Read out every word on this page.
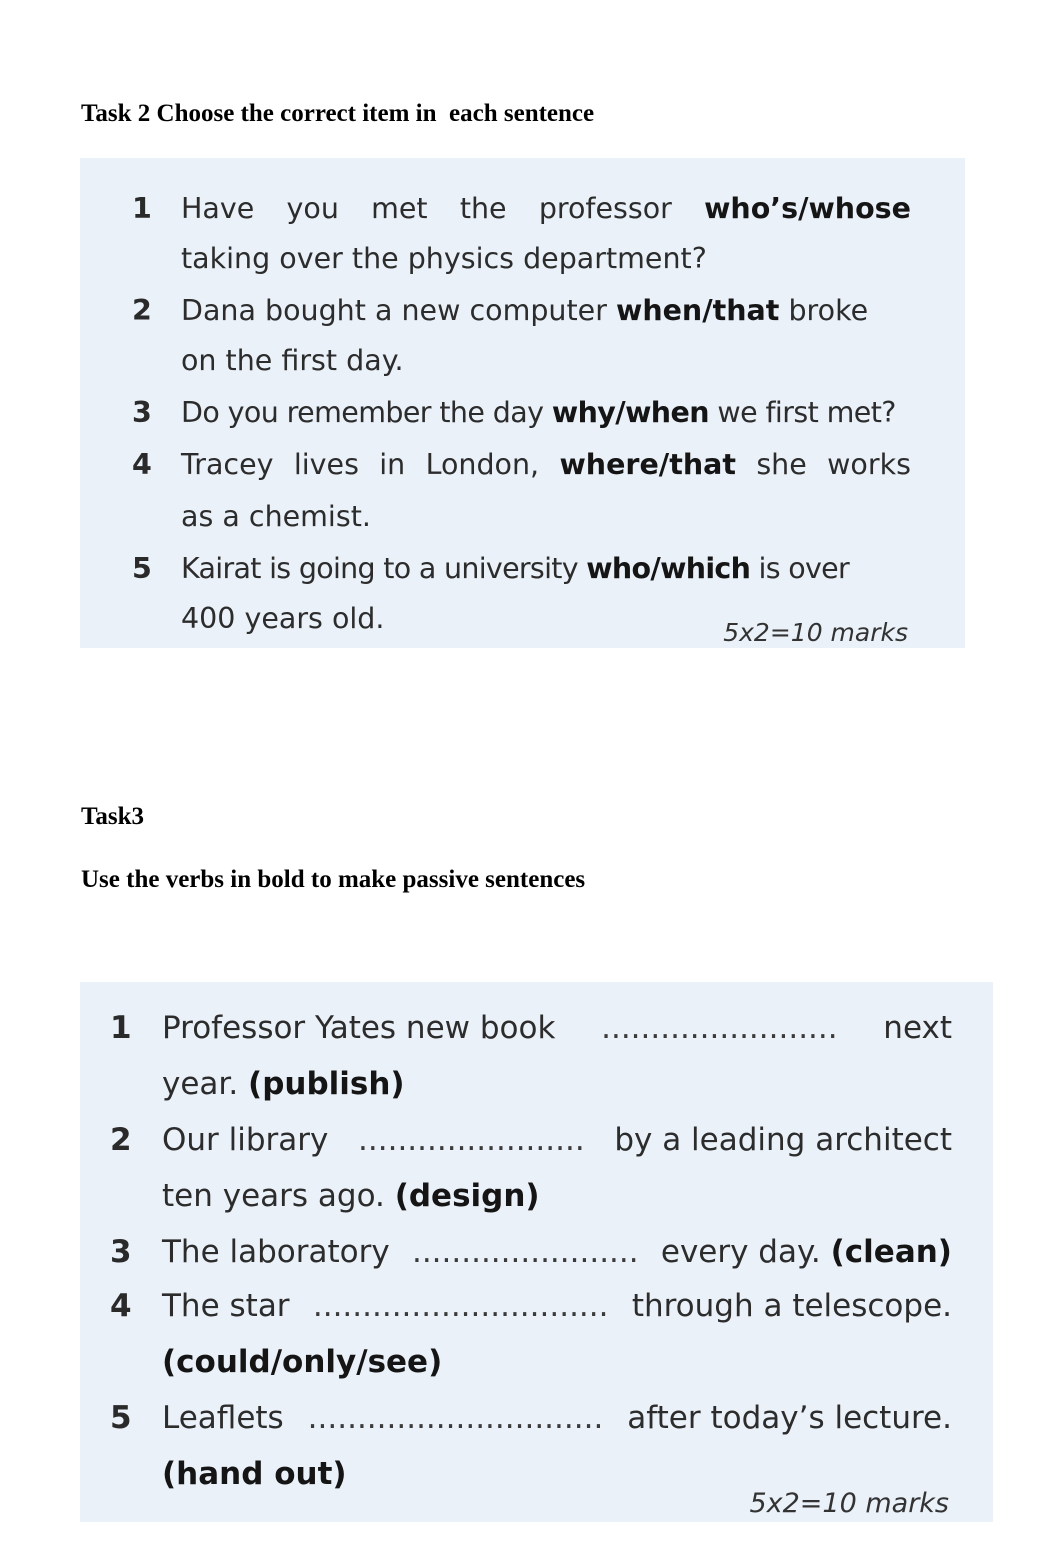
Task 2 Choose the correct item in  each sentence
1 Have you met the professor who’s/whose
taking over the physics department?
2 Dana bought a new computer when/that broke
on the first day.
3 Do you remember the day why/when we first met?
4 Tracey lives in London, where/that she works
as a chemist.
5 Kairat is going to a university who/which is over
400 years old.	5x2=10 marks
Task3
Use the verbs in bold to make passive sentences
1 Professor Yates new book ........................ next
year. (publish)
2 Our library ....................... by a leading architect
ten years ago. (design)
3 The laboratory ....................... every day. (clean)
4 The star .............................. through a telescope.
(could/only/see)
5 Leaflets .............................. after today’s lecture.
(hand out)
5x2=10 marks
